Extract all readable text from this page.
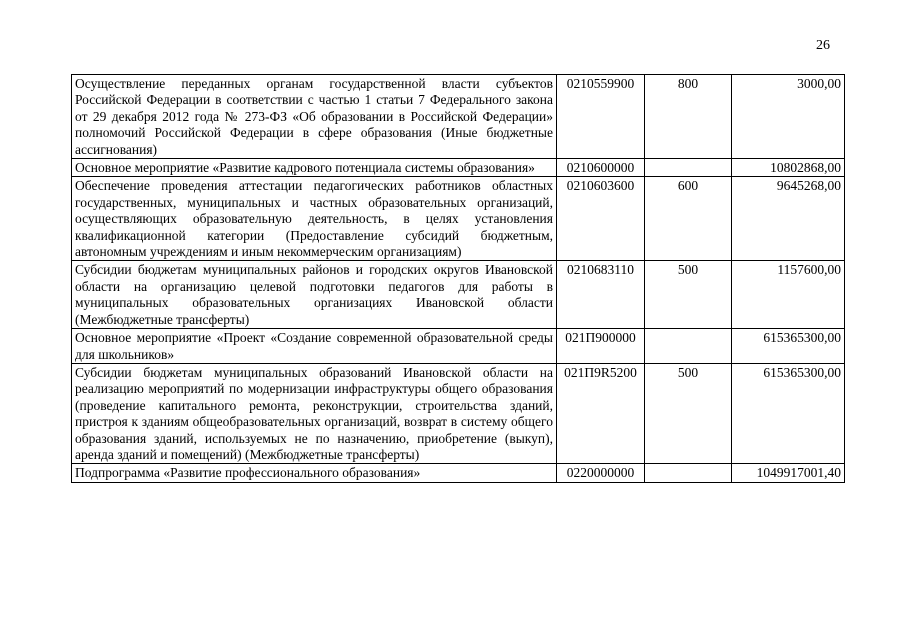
26
Осуществление переданных органам государственной власти субъектов Российской Федерации в соответствии с частью 1 статьи 7 Федерального закона от 29 декабря 2012 года № 273-ФЗ «Об образовании в Российской Федерации» полномочий Российской Федерации в сфере образования (Иные бюджетные ассигнования)	0210559900	800	3000,00
Основное мероприятие «Развитие кадрового потенциала системы образования»	0210600000		10802868,00
Обеспечение проведения аттестации педагогических работников областных государственных, муниципальных и частных образовательных организаций, осуществляющих образовательную деятельность, в целях установления квалификационной категории (Предоставление субсидий бюджетным, автономным учреждениям и иным некоммерческим организациям)	0210603600	600	9645268,00
Субсидии бюджетам муниципальных районов и городских округов Ивановской области на организацию целевой подготовки педагогов для работы в муниципальных образовательных организациях Ивановской области (Межбюджетные трансферты)	0210683110	500	1157600,00
Основное мероприятие «Проект «Создание современной образовательной среды для школьников»	021П900000		615365300,00
Субсидии бюджетам муниципальных образований Ивановской области на реализацию мероприятий по модернизации инфраструктуры общего образования (проведение капитального ремонта, реконструкции, строительства зданий, пристроя к зданиям общеобразовательных организаций, возврат в систему общего образования зданий, используемых не по назначению, приобретение (выкуп), аренда зданий и помещений) (Межбюджетные трансферты)	021П9R5200	500	615365300,00
Подпрограмма «Развитие профессионального образования»	0220000000		1049917001,40
